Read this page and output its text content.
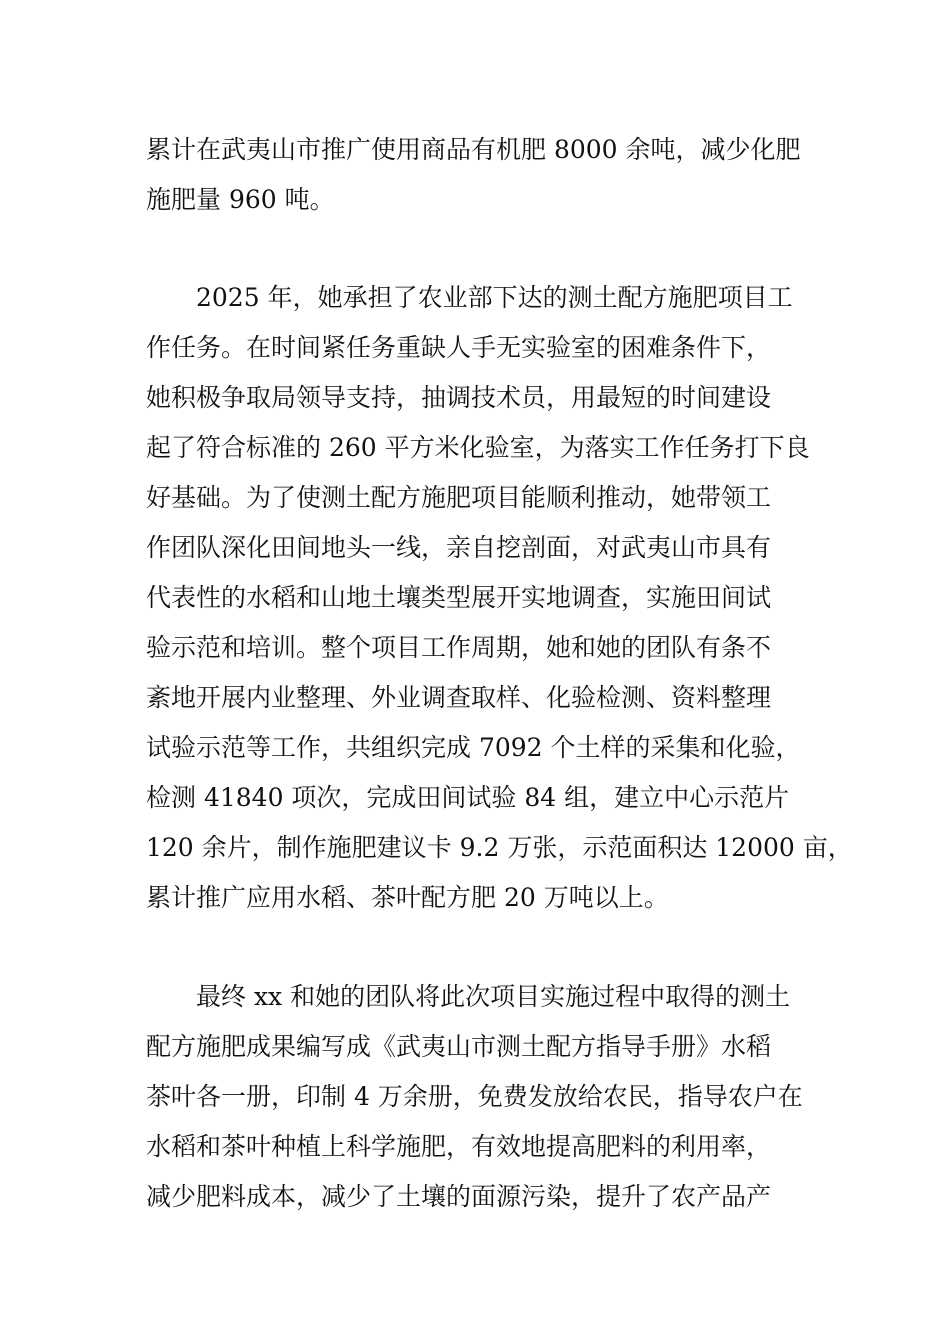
累计在武夷山市推广使用商品有机肥 8000 余吨，减少化肥
施肥量 960 吨。
2025 年，她承担了农业部下达的测土配方施肥项目工
作任务。在时间紧任务重缺人手无实验室的困难条件下，
她积极争取局领导支持，抽调技术员，用最短的时间建设
起了符合标准的 260 平方米化验室，为落实工作任务打下良
好基础。为了使测土配方施肥项目能顺利推动，她带领工
作团队深化田间地头一线，亲自挖剖面，对武夷山市具有
代表性的水稻和山地土壤类型展开实地调查，实施田间试
验示范和培训。整个项目工作周期，她和她的团队有条不
紊地开展内业整理、外业调查取样、化验检测、资料整理
试验示范等工作，共组织完成 7092 个土样的采集和化验，
检测 41840 项次，完成田间试验 84 组，建立中心示范片
120 余片，制作施肥建议卡 9.2 万张，示范面积达 12000 亩，
累计推广应用水稻、茶叶配方肥 20 万吨以上。
最终 xx 和她的团队将此次项目实施过程中取得的测土
配方施肥成果编写成《武夷山市测土配方指导手册》水稻
茶叶各一册，印制 4 万余册，免费发放给农民，指导农户在
水稻和茶叶种植上科学施肥，有效地提高肥料的利用率，
减少肥料成本，减少了土壤的面源污染，提升了农产品产
